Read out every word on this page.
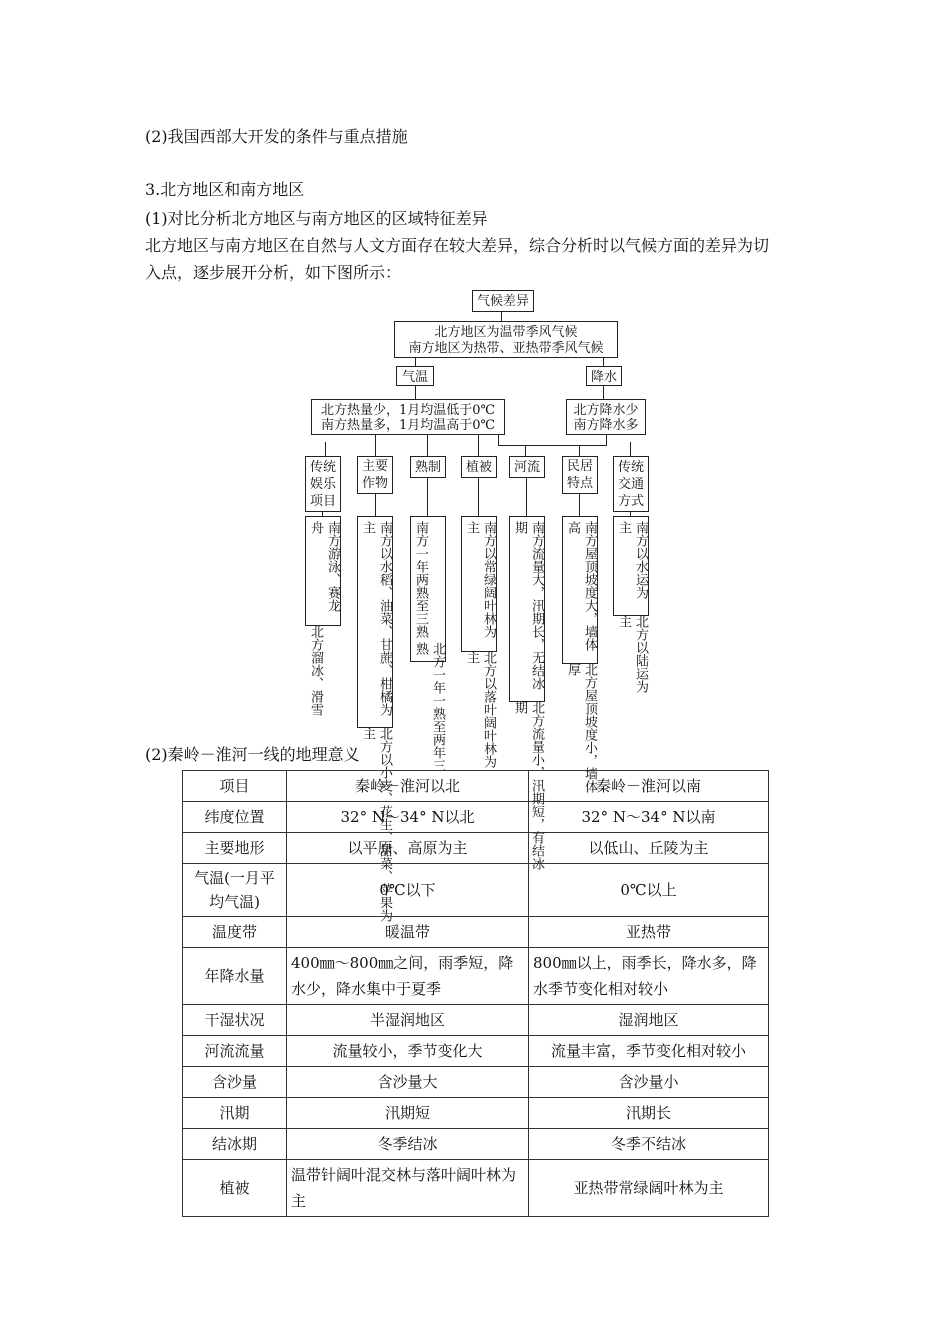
(2)我国西部大开发的条件与重点措施
3.北方地区和南方地区
(1)对比分析北方地区与南方地区的区域特征差异
北方地区与南方地区在自然与人文方面存在较大差异，综合分析时以气候方面的差异为切
入点，逐步展开分析，如下图所示：
气候差异
北方地区为温带季风气候
南方地区为热带、亚热带季风气候
气温	降水
北方热量少，1月均温低于0℃
南方热量多，1月均温高于0℃
北方降水少
南方降水多
传统娱乐项目
主要作物
熟制	植被	河流	民居特点
传统交通方式
南方游泳、赛龙舟北方溜冰、滑雪	南方以水稻、油菜、甘蔗、柑橘为主北方以小麦、花生、甜菜、苹果为主
南方一年两熟至三熟北方一年一熟至两年三熟
南方以常绿阔叶林为主北方以落叶阔叶林为主	南方流量大，汛期长，无结冰期北方流量小，汛期短，有结冰期
南方屋顶坡度大，墙体高北方屋顶坡度小，墙体厚
南方以水运为主北方以陆运为主
(2)秦岭－淮河一线的地理意义
项目	秦岭－淮河以北	秦岭－淮河以南
纬度位置	32° N～34° N以北	32° N～34° N以南
主要地形	以平原、高原为主	以低山、丘陵为主
气温(一月平均气温)	0℃以下	0℃以上
温度带	暖温带	亚热带
年降水量	400㎜～800㎜之间，雨季短，降水少，降水集中于夏季	800㎜以上，雨季长，降水多，降水季节变化相对较小
干湿状况	半湿润地区	湿润地区
河流流量	流量较小，季节变化大	流量丰富，季节变化相对较小
含沙量	含沙量大	含沙量小
汛期	汛期短	汛期长
结冰期	冬季结冰	冬季不结冰
植被	温带针阔叶混交林与落叶阔叶林为主	亚热带常绿阔叶林为主
